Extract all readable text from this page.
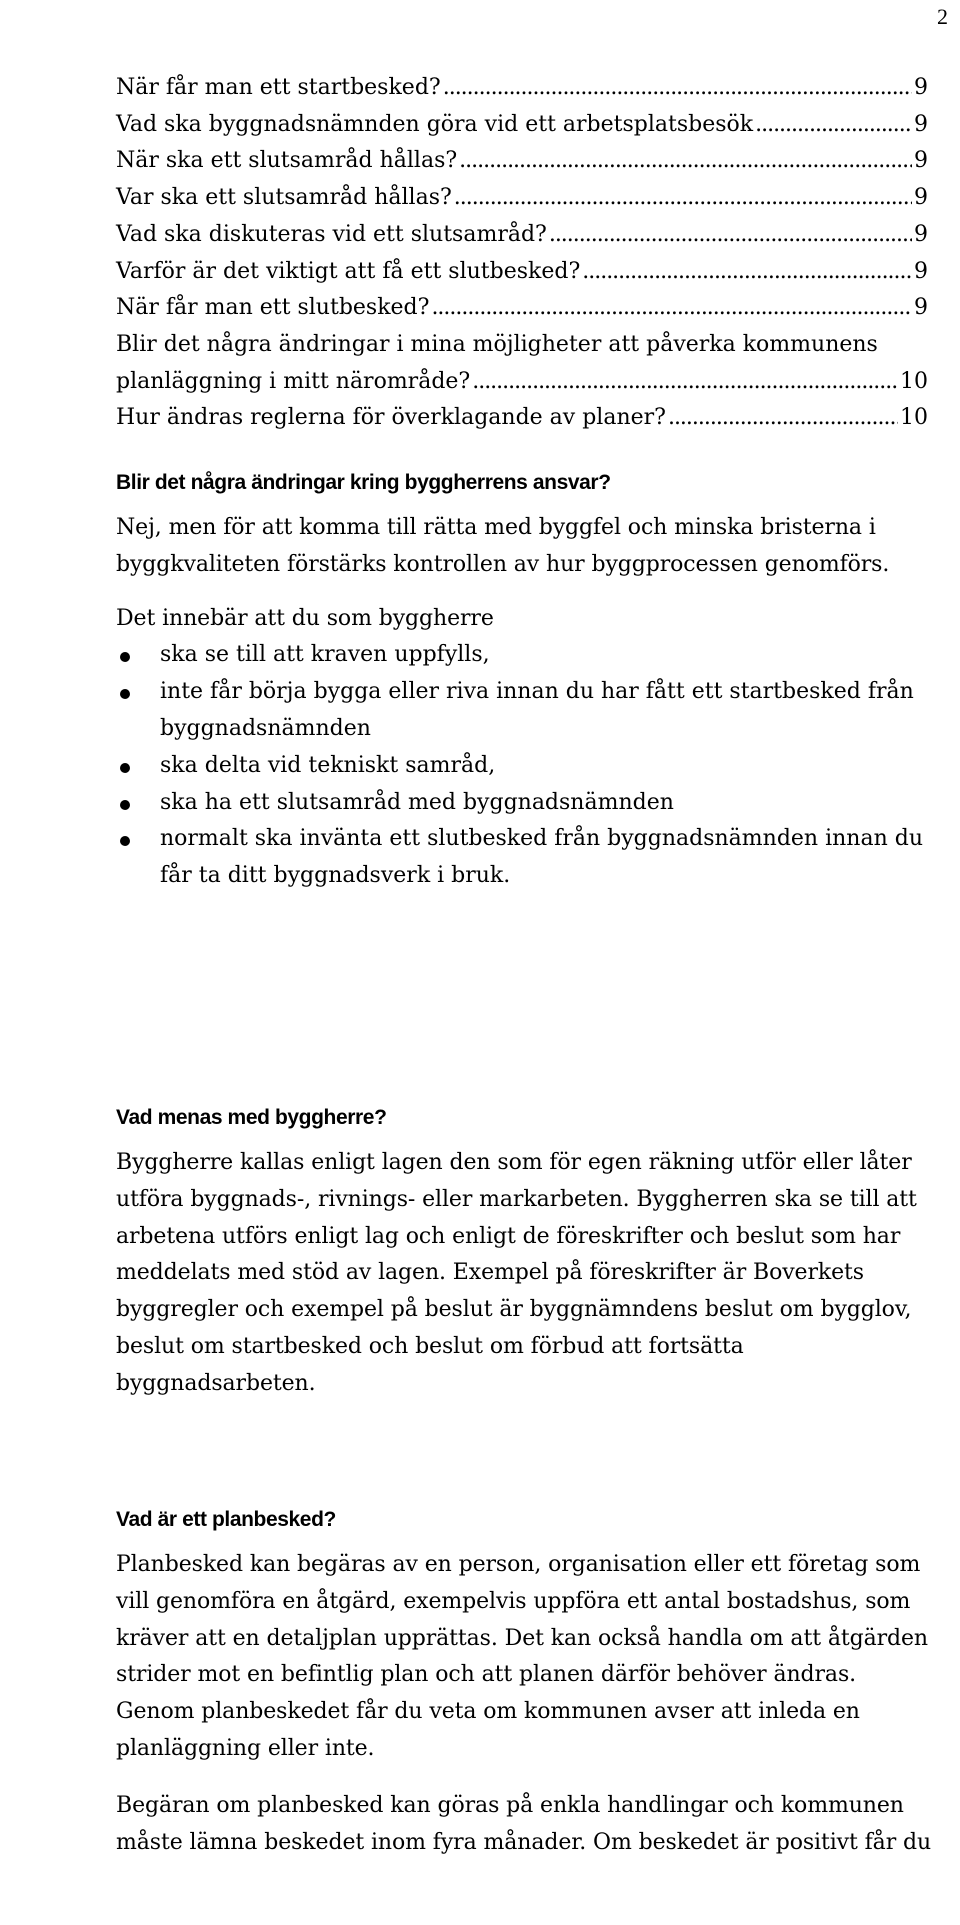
2
När får man ett startbesked? . . .	9
Vad ska byggnadsnämnden göra vid ett arbetsplatsbesök . . .	9
När ska ett slutsamråd hållas? . . .	9
Var ska ett slutsamråd hållas? . . .	9
Vad ska diskuteras vid ett slutsamråd? . . .	9
Varför är det viktigt att få ett slutbesked? . . .	9
När får man ett slutbesked? . . .	9
Blir det några ändringar i mina möjligheter att påverka kommunens
planläggning i mitt närområde? . . .	10
Hur ändras reglerna för överklagande av planer? . . .	10
Blir det några ändringar kring byggherrens ansvar?

Nej, men för att komma till rätta med byggfel och minska bristerna i byggkvaliteten förstärks kontrollen av hur byggprocessen genomförs.

Det innebär att du som byggherre

ska se till att kraven uppfylls,
inte får börja bygga eller riva innan du har fått ett startbesked från byggnadsnämnden
ska delta vid tekniskt samråd,
ska ha ett slutsamråd med byggnadsnämnden
normalt ska invänta ett slutbesked från byggnadsnämnden innan du får ta ditt byggnadsverk i bruk.
Vad menas med byggherre?

Byggherre kallas enligt lagen den som för egen räkning utför eller låter utföra byggnads-, rivnings- eller markarbeten. Byggherren ska se till att arbetena utförs enligt lag och enligt de föreskrifter och beslut som har meddelats med stöd av lagen. Exempel på föreskrifter är Boverkets byggregler och exempel på beslut är byggnämndens beslut om bygglov, beslut om startbesked och beslut om förbud att fortsätta byggnadsarbeten.

Vad är ett planbesked?

Planbesked kan begäras av en person, organisation eller ett företag som vill genomföra en åtgärd, exempelvis uppföra ett antal bostadshus, som kräver att en detaljplan upprättas. Det kan också handla om att åtgärden strider mot en befintlig plan och att planen därför behöver ändras. Genom planbeskedet får du veta om kommunen avser att inleda en planläggning eller inte.

Begäran om planbesked kan göras på enkla handlingar och kommunen måste lämna beskedet inom fyra månader. Om beskedet är positivt får du
